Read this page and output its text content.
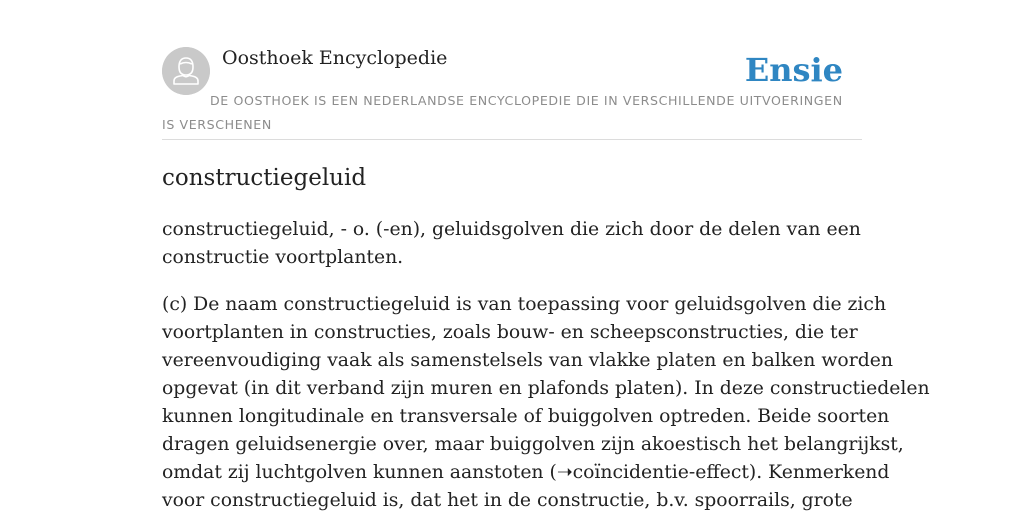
Oosthoek Encyclopedie	Ensie
DE OOSTHOEK IS EEN NEDERLANDSE ENCYCLOPEDIE DIE IN VERSCHILLENDE UITVOERINGEN IS VERSCHENEN
constructiegeluid

constructiegeluid, - o. (-en), geluidsgolven die zich door de delen van een
constructie voortplanten.

(c) De naam constructiegeluid is van toepassing voor geluidsgolven die zich
voortplanten in constructies, zoals bouw- en scheepsconstructies, die ter
vereenvoudiging vaak als samenstelsels van vlakke platen en balken worden
opgevat (in dit verband zijn muren en plafonds platen). In deze constructiedelen
kunnen longitudinale en transversale of buiggolven optreden. Beide soorten
dragen geluidsenergie over, maar buiggolven zijn akoestisch het belangrijkst,
omdat zij luchtgolven kunnen aanstoten (➝coïncidentie-effect). Kenmerkend
voor constructiegeluid is, dat het in de constructie, b.v. spoorrails, grote
